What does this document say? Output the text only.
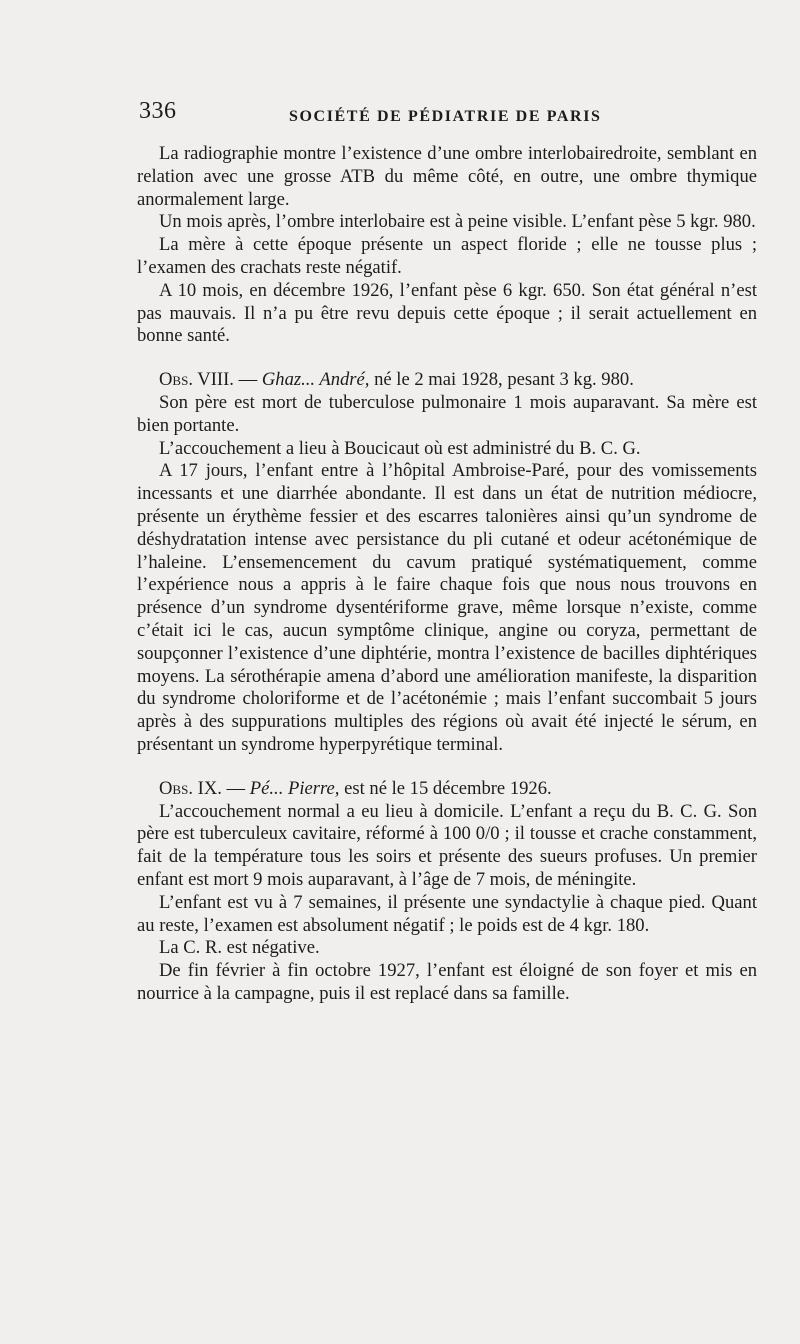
336	SOCIÉTÉ DE PÉDIATRIE DE PARIS

La radiographie montre l’existence d’une ombre interlobairedroite, semblant en relation avec une grosse ATB du même côté, en outre, une ombre thymique anormalement large.

Un mois après, l’ombre interlobaire est à peine visible. L’enfant pèse 5 kgr. 980.

La mère à cette époque présente un aspect floride ; elle ne tousse plus ; l’examen des crachats reste négatif.

A 10 mois, en décembre 1926, l’enfant pèse 6 kgr. 650. Son état général n’est pas mauvais. Il n’a pu être revu depuis cette époque ; il serait actuellement en bonne santé.

Obs. VIII. — Ghaz... André, né le 2 mai 1928, pesant 3 kg. 980.

Son père est mort de tuberculose pulmonaire 1 mois auparavant. Sa mère est bien portante.

L’accouchement a lieu à Boucicaut où est administré du B. C. G.

A 17 jours, l’enfant entre à l’hôpital Ambroise-Paré, pour des vomissements incessants et une diarrhée abondante. Il est dans un état de nutrition médiocre, présente un érythème fessier et des escarres talonières ainsi qu’un syndrome de déshydratation intense avec persistance du pli cutané et odeur acétonémique de l’haleine. L’ensemencement du cavum pratiqué systématiquement, comme l’expérience nous a appris à le faire chaque fois que nous nous trouvons en présence d’un syndrome dysentériforme grave, même lorsque n’existe, comme c’était ici le cas, aucun symptôme clinique, angine ou coryza, permettant de soupçonner l’existence d’une diphtérie, montra l’existence de bacilles diphtériques moyens. La sérothérapie amena d’abord une amélioration manifeste, la disparition du syndrome choloriforme et de l’acétonémie ; mais l’enfant succombait 5 jours après à des suppurations multiples des régions où avait été injecté le sérum, en présentant un syndrome hyperpyrétique terminal.

Obs. IX. — Pé... Pierre, est né le 15 décembre 1926.

L’accouchement normal a eu lieu à domicile. L’enfant a reçu du B. C. G. Son père est tuberculeux cavitaire, réformé à 100 0/0 ; il tousse et crache constamment, fait de la température tous les soirs et présente des sueurs profuses. Un premier enfant est mort 9 mois auparavant, à l’âge de 7 mois, de méningite.

L’enfant est vu à 7 semaines, il présente une syndactylie à chaque pied. Quant au reste, l’examen est absolument négatif ; le poids est de 4 kgr. 180.

La C. R. est négative.

De fin février à fin octobre 1927, l’enfant est éloigné de son foyer et mis en nourrice à la campagne, puis il est replacé dans sa famille.
